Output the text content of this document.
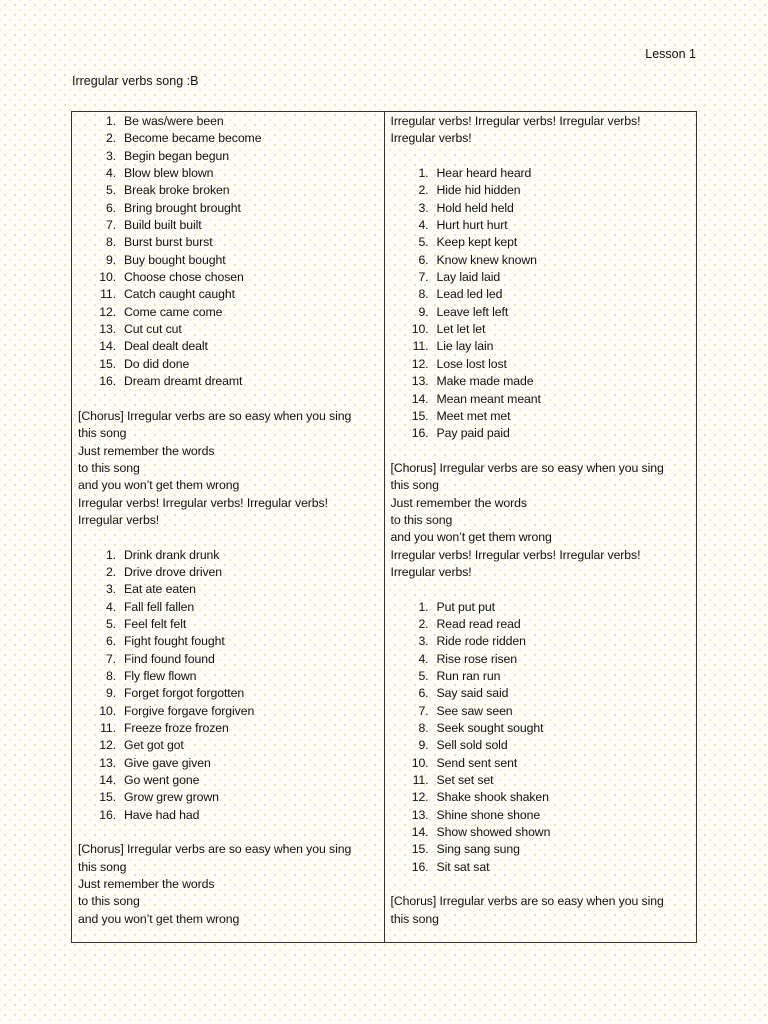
Lesson 1
Irregular verbs song :B
1. Be was/were been
2. Become became become
3. Begin began begun
4. Blow blew blown
5. Break broke broken
6. Bring brought brought
7. Build built built
8. Burst burst burst
9. Buy bought bought
10. Choose chose chosen
11. Catch caught caught
12. Come came come
13. Cut cut cut
14. Deal dealt dealt
15. Do did done
16. Dream dreamt dreamt
[Chorus] Irregular verbs are so easy when you sing
this song
Just remember the words
to this song
and you won’t get them wrong
Irregular verbs! Irregular verbs! Irregular verbs!
Irregular verbs!
1. Drink drank drunk
2. Drive drove driven
3. Eat ate eaten
4. Fall fell fallen
5. Feel felt felt
6. Fight fought fought
7. Find found found
8. Fly flew flown
9. Forget forgot forgotten
10. Forgive forgave forgiven
11. Freeze froze frozen
12. Get got got
13. Give gave given
14. Go went gone
15. Grow grew grown
16. Have had had
[Chorus] Irregular verbs are so easy when you sing
this song
Just remember the words
to this song
and you won’t get them wrong
Irregular verbs! Irregular verbs! Irregular verbs!
Irregular verbs!
1. Hear heard heard
2. Hide hid hidden
3. Hold held held
4. Hurt hurt hurt
5. Keep kept kept
6. Know knew known
7. Lay laid laid
8. Lead led led
9. Leave left left
10. Let let let
11. Lie lay lain
12. Lose lost lost
13. Make made made
14. Mean meant meant
15. Meet met met
16. Pay paid paid
[Chorus] Irregular verbs are so easy when you sing
this song
Just remember the words
to this song
and you won’t get them wrong
Irregular verbs! Irregular verbs! Irregular verbs!
Irregular verbs!
1. Put put put
2. Read read read
3. Ride rode ridden
4. Rise rose risen
5. Run ran run
6. Say said said
7. See saw seen
8. Seek sought sought
9. Sell sold sold
10. Send sent sent
11. Set set set
12. Shake shook shaken
13. Shine shone shone
14. Show showed shown
15. Sing sang sung
16. Sit sat sat
[Chorus] Irregular verbs are so easy when you sing
this song
